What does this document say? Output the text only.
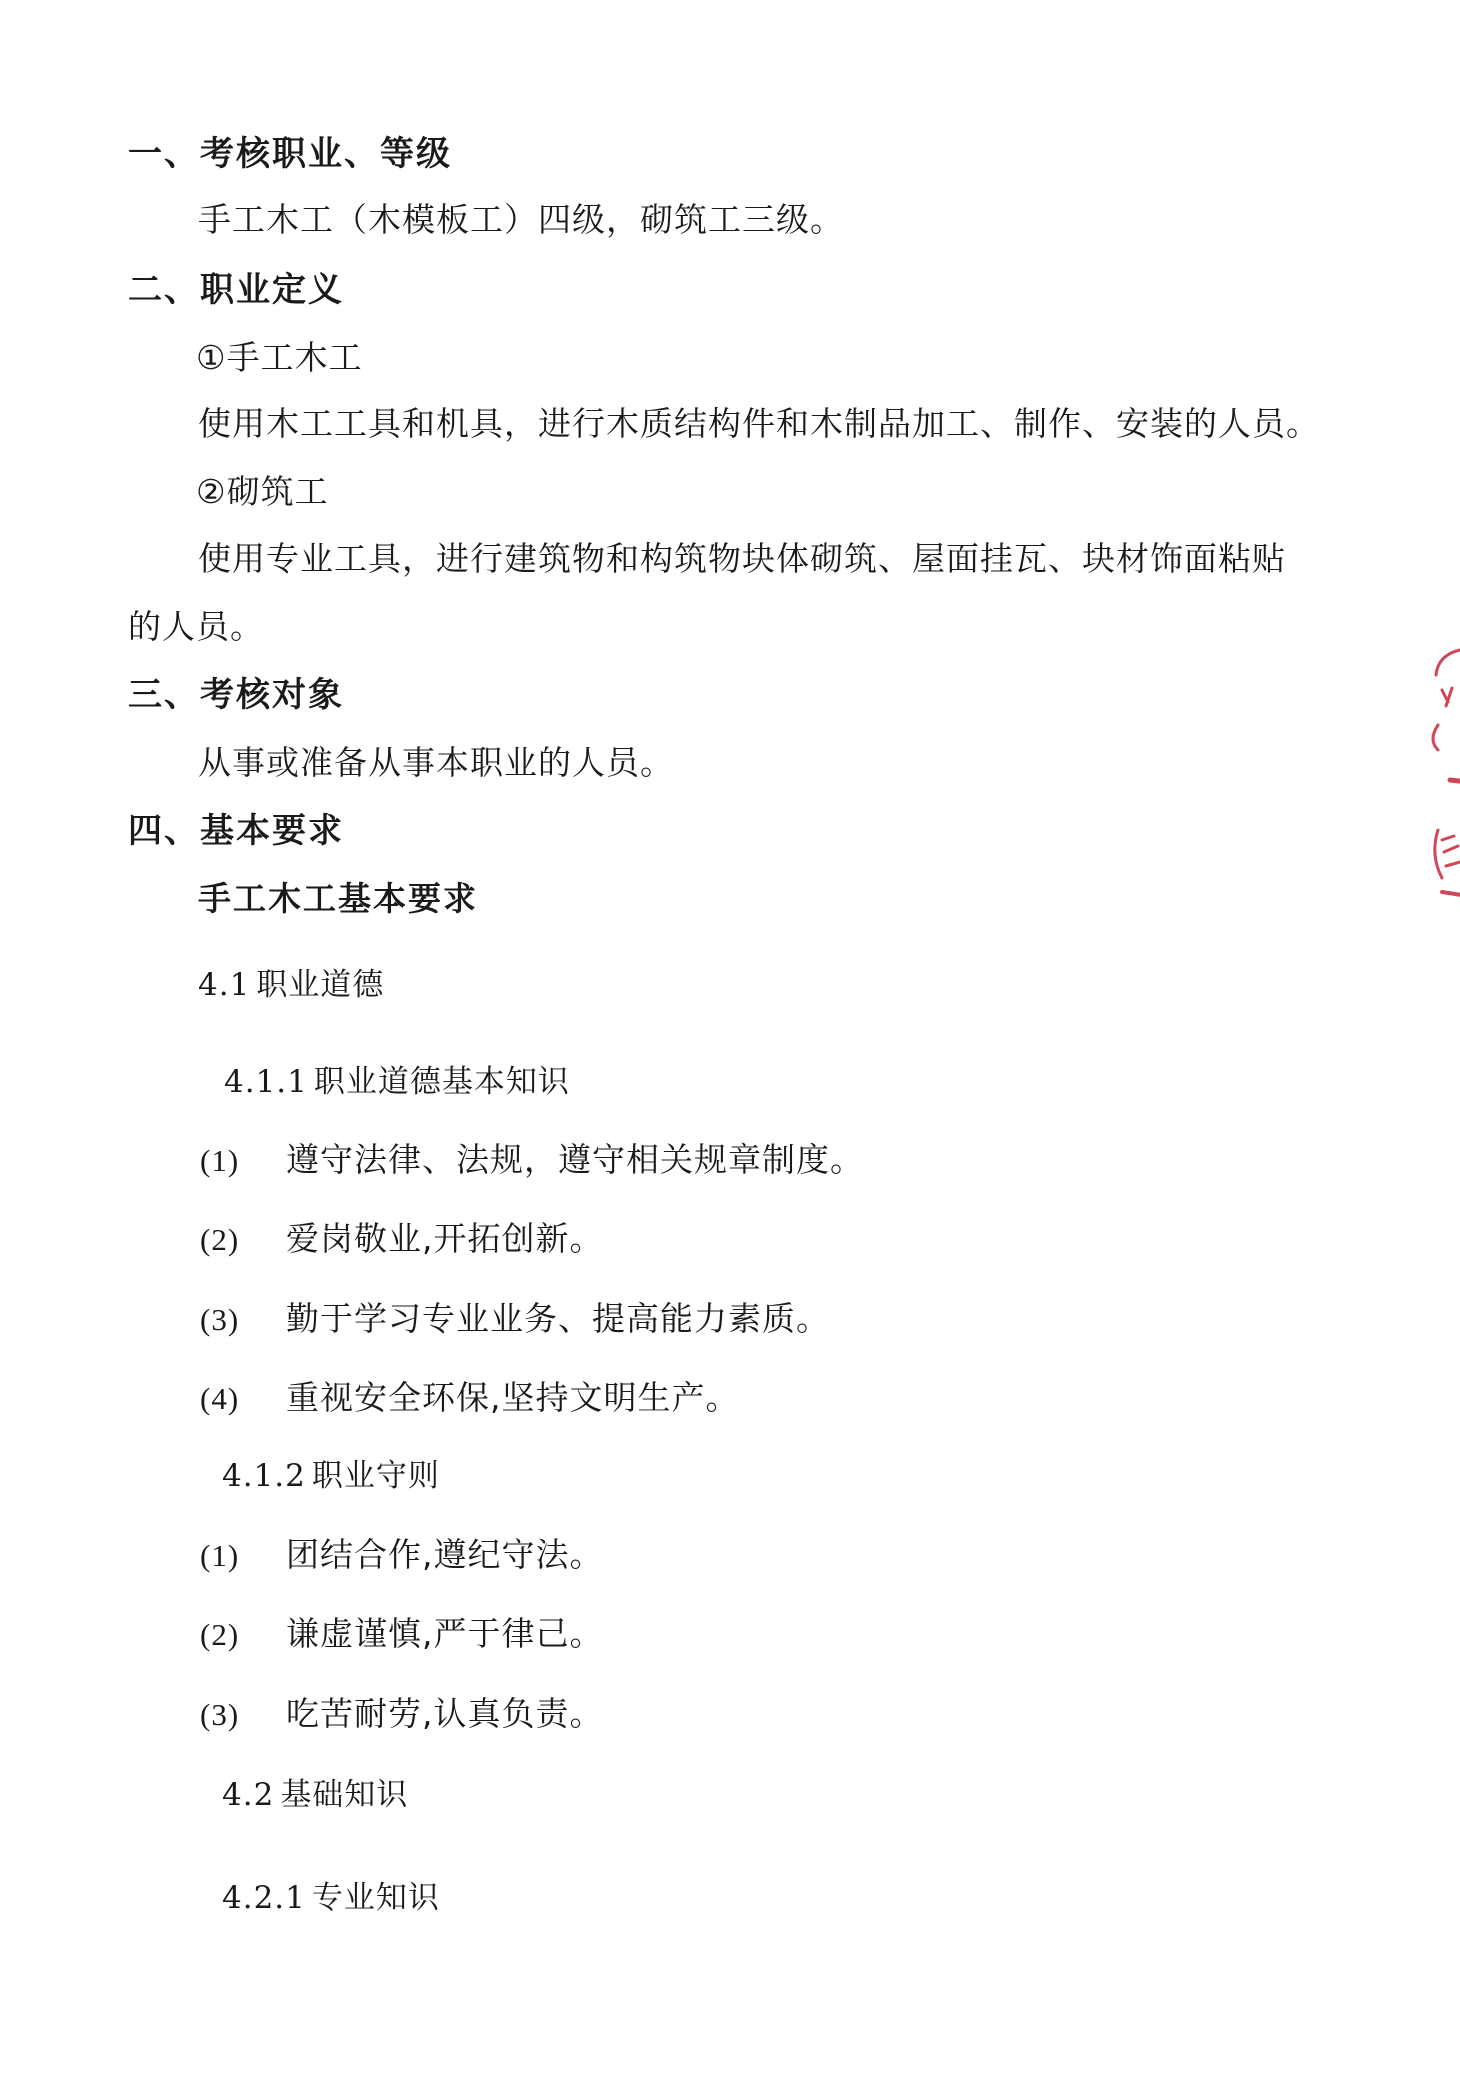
一、考核职业、等级
手工木工（木模板工）四级，砌筑工三级。
二、职业定义
①手工木工
使用木工工具和机具，进行木质结构件和木制品加工、制作、安装的人员。
②砌筑工
使用专业工具，进行建筑物和构筑物块体砌筑、屋面挂瓦、块材饰面粘贴
的人员。
三、考核对象
从事或准备从事本职业的人员。
四、基本要求
手工木工基本要求
4.1 职业道德
4.1.1 职业道德基本知识
(1) 遵守法律、法规，遵守相关规章制度。
(2) 爱岗敬业,开拓创新。
(3) 勤于学习专业业务、提高能力素质。
(4) 重视安全环保,坚持文明生产。
4.1.2 职业守则
(1) 团结合作,遵纪守法。
(2) 谦虚谨慎,严于律己。
(3) 吃苦耐劳,认真负责。
4.2 基础知识
4.2.1 专业知识
